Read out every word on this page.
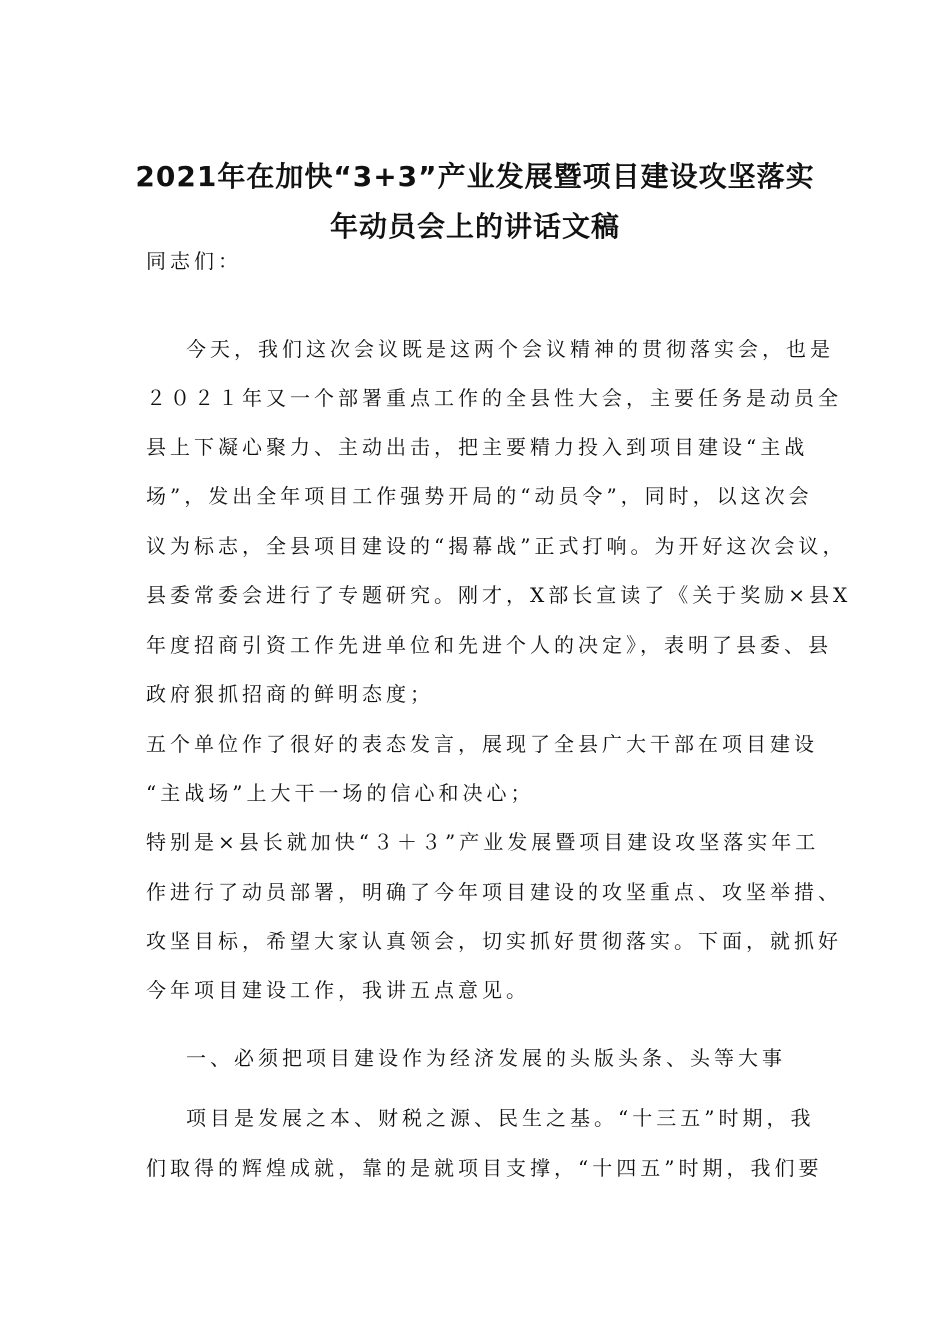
2021年在加快“3+3”产业发展暨项目建设攻坚落实
年动员会上的讲话文稿
同志们：
今天，我们这次会议既是这两个会议精神的贯彻落实会，也是
２０２１年又一个部署重点工作的全县性大会，主要任务是动员全
县上下凝心聚力、主动出击，把主要精力投入到项目建设“主战
场”，发出全年项目工作强势开局的“动员令”，同时，以这次会
议为标志，全县项目建设的“揭幕战”正式打响。为开好这次会议，
县委常委会进行了专题研究。刚才，X部长宣读了《关于奖励×县X
年度招商引资工作先进单位和先进个人的决定》，表明了县委、县
政府狠抓招商的鲜明态度；
五个单位作了很好的表态发言，展现了全县广大干部在项目建设
“主战场”上大干一场的信心和决心；
特别是×县长就加快“３＋３”产业发展暨项目建设攻坚落实年工
作进行了动员部署，明确了今年项目建设的攻坚重点、攻坚举措、
攻坚目标，希望大家认真领会，切实抓好贯彻落实。下面，就抓好
今年项目建设工作，我讲五点意见。
一、必须把项目建设作为经济发展的头版头条、头等大事
项目是发展之本、财税之源、民生之基。“十三五”时期，我
们取得的辉煌成就，靠的是就项目支撑，“十四五”时期，我们要
